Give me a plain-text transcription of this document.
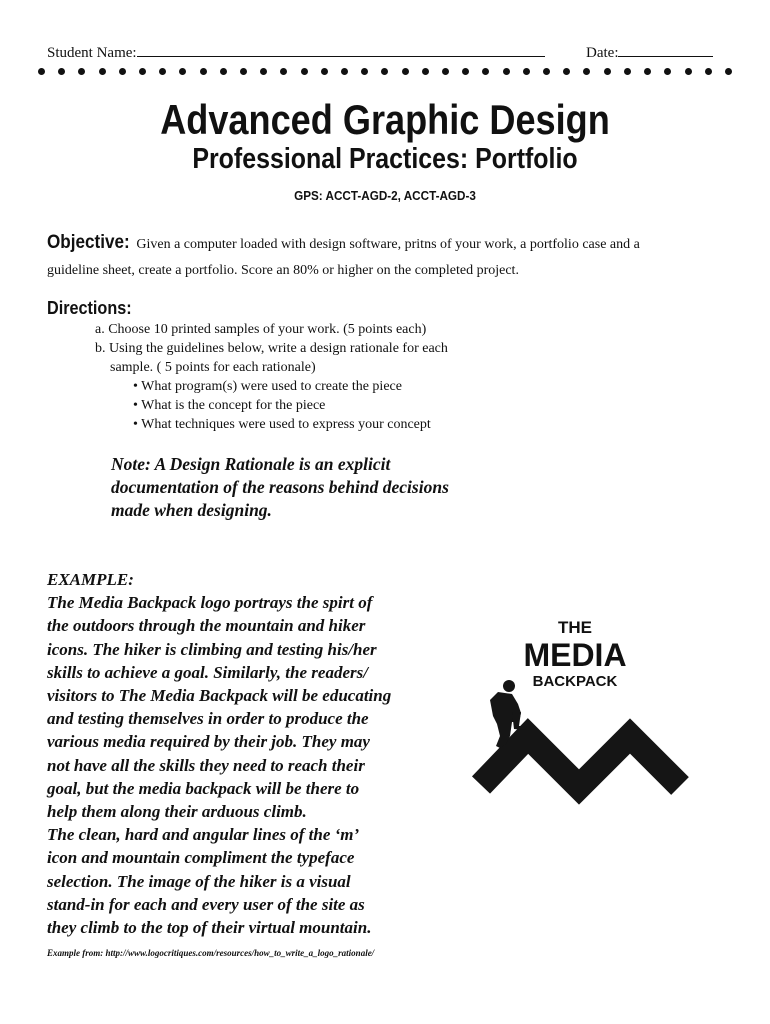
Student Name:	Date:
Advanced Graphic Design
Professional Practices: Portfolio
GPS: ACCT-AGD-2, ACCT-AGD-3
Objective: Given a computer loaded with design software, pritns of your work, a portfolio case and a
guideline sheet, create a portfolio. Score an 80% or higher on the completed project.
Directions:
a. Choose 10 printed samples of your work. (5 points each)
b. Using the guidelines below, write a design rationale for each
sample. ( 5 points for each rationale)
• What program(s) were used to create the piece
• What is the concept for the piece
• What techniques were used to express your concept
Note: A Design Rationale is an explicit
documentation of the reasons behind decisions
made when designing.
EXAMPLE:
The Media Backpack logo portrays the spirt of
the outdoors through the mountain and hiker
icons. The hiker is climbing and testing his/her
skills to achieve a goal. Similarly, the readers/
visitors to The Media Backpack will be educating
and testing themselves in order to produce the
various media required by their job. They may
not have all the skills they need to reach their
goal, but the media backpack will be there to
help them along their arduous climb.
The clean, hard and angular lines of the ‘m’
icon and mountain compliment the typeface
selection. The image of the hiker is a visual
stand-in for each and every user of the site as
they climb to the top of their virtual mountain.
Example from: http://www.logocritiques.com/resources/how_to_write_a_logo_rationale/
THE
MEDIA
BACKPACK
